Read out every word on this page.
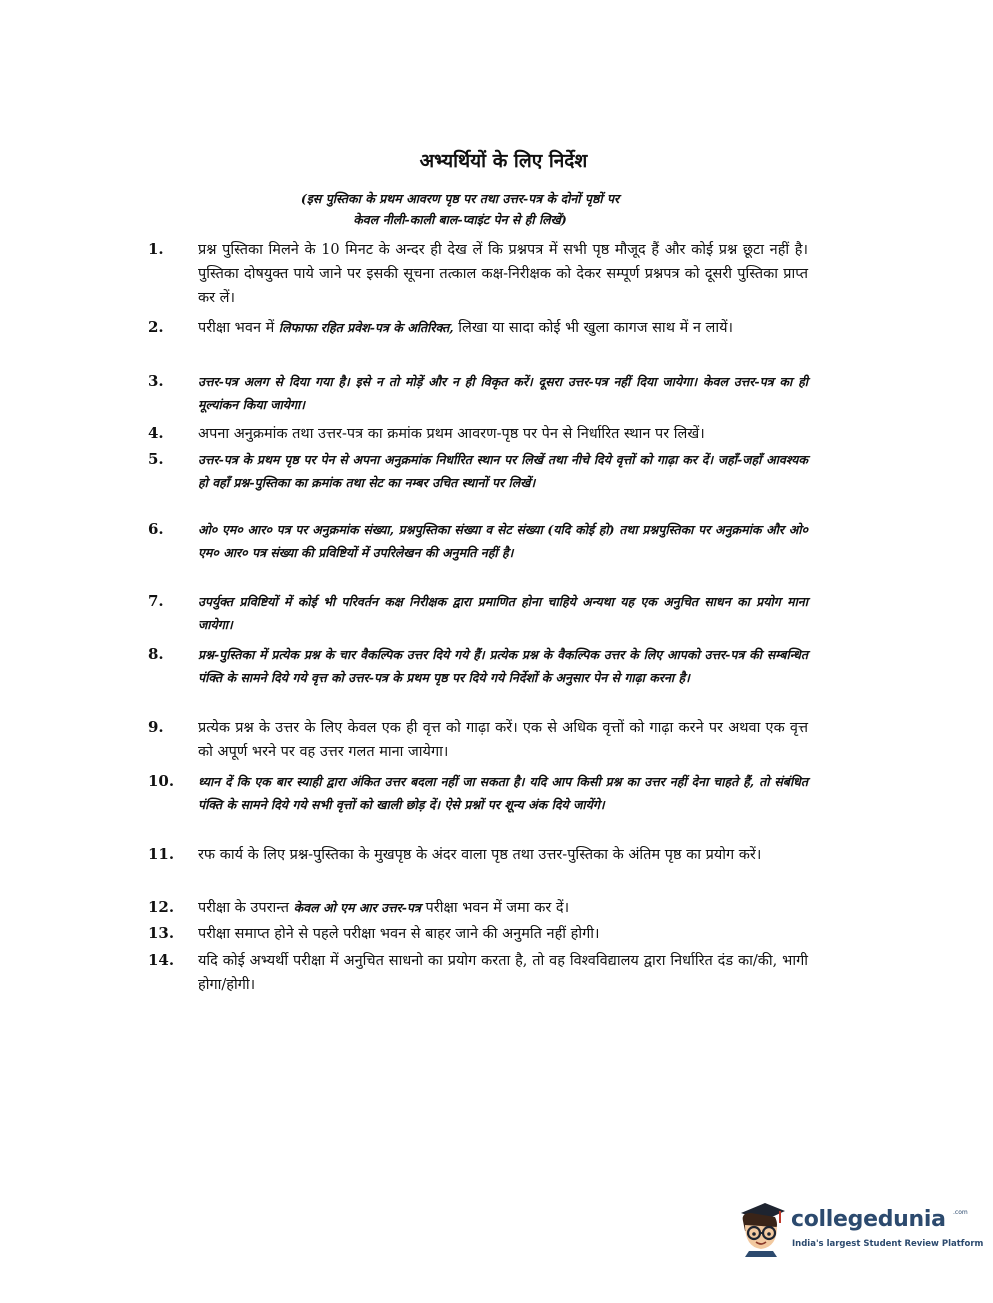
अभ्यर्थियों के लिए निर्देश
(इस पुस्तिका के प्रथम आवरण पृष्ठ पर तथा उत्तर-पत्र के दोनों पृष्ठों पर
केवल नीली-काली बाल-प्वाइंट पेन से ही लिखें)
1.	प्रश्न पुस्तिका मिलने के 10 मिनट के अन्दर ही देख लें कि प्रश्नपत्र में सभी पृष्ठ मौजूद हैं और कोई प्रश्न छूटा नहीं है। पुस्तिका दोषयुक्त पाये जाने पर इसकी सूचना तत्काल कक्ष-निरीक्षक को देकर सम्पूर्ण प्रश्नपत्र को दूसरी पुस्तिका प्राप्त कर लें।
2.	परीक्षा भवन में लिफाफा रहित प्रवेश-पत्र के अतिरिक्त, लिखा या सादा कोई भी खुला कागज साथ में न लायें।
3.	उत्तर-पत्र अलग से दिया गया है। इसे न तो मोड़ें और न ही विकृत करें। दूसरा उत्तर-पत्र नहीं दिया जायेगा। केवल उत्तर-पत्र का ही मूल्यांकन किया जायेगा।
4.	अपना अनुक्रमांक तथा उत्तर-पत्र का क्रमांक प्रथम आवरण-पृष्ठ पर पेन से निर्धारित स्थान पर लिखें।
5.	उत्तर-पत्र के प्रथम पृष्ठ पर पेन से अपना अनुक्रमांक निर्धारित स्थान पर लिखें तथा नीचे दिये वृत्तों को गाढ़ा कर दें। जहाँ-जहाँ आवश्यक हो वहाँ प्रश्न-पुस्तिका का क्रमांक तथा सेट का नम्बर उचित स्थानों पर लिखें।
6.	ओ० एम० आर० पत्र पर अनुक्रमांक संख्या, प्रश्नपुस्तिका संख्या व सेट संख्या (यदि कोई हो) तथा प्रश्नपुस्तिका पर अनुक्रमांक और ओ० एम० आर० पत्र संख्या की प्रविष्टियों में उपरिलेखन की अनुमति नहीं है।
7.	उपर्युक्त प्रविष्टियों में कोई भी परिवर्तन कक्ष निरीक्षक द्वारा प्रमाणित होना चाहिये अन्यथा यह एक अनुचित साधन का प्रयोग माना जायेगा।
8.	प्रश्न-पुस्तिका में प्रत्येक प्रश्न के चार वैकल्पिक उत्तर दिये गये हैं। प्रत्येक प्रश्न के वैकल्पिक उत्तर के लिए आपको उत्तर-पत्र की सम्बन्धित पंक्ति के सामने दिये गये वृत्त को उत्तर-पत्र के प्रथम पृष्ठ पर दिये गये निर्देशों के अनुसार पेन से गाढ़ा करना है।
9.	प्रत्येक प्रश्न के उत्तर के लिए केवल एक ही वृत्त को गाढ़ा करें। एक से अधिक वृत्तों को गाढ़ा करने पर अथवा एक वृत्त को अपूर्ण भरने पर वह उत्तर गलत माना जायेगा।
10.	ध्यान दें कि एक बार स्याही द्वारा अंकित उत्तर बदला नहीं जा सकता है। यदि आप किसी प्रश्न का उत्तर नहीं देना चाहते हैं, तो संबंधित पंक्ति के सामने दिये गये सभी वृत्तों को खाली छोड़ दें। ऐसे प्रश्नों पर शून्य अंक दिये जायेंगे।
11.	रफ कार्य के लिए प्रश्न-पुस्तिका के मुखपृष्ठ के अंदर वाला पृष्ठ तथा उत्तर-पुस्तिका के अंतिम पृष्ठ का प्रयोग करें।
12.	परीक्षा के उपरान्त केवल ओ एम आर उत्तर-पत्र परीक्षा भवन में जमा कर दें।
13.	परीक्षा समाप्त होने से पहले परीक्षा भवन से बाहर जाने की अनुमति नहीं होगी।
14.	यदि कोई अभ्यर्थी परीक्षा में अनुचित साधनो का प्रयोग करता है, तो वह विश्वविद्यालय द्वारा निर्धारित दंड का/की, भागी होगा/होगी।
collegedunia .com
India's largest Student Review Platform
